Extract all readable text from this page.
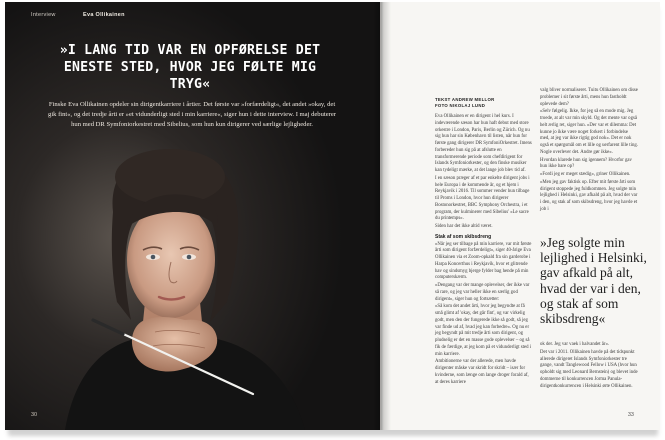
Interview	Eva Ollikainen
»I LANG TID VAR EN OPFØRELSE DET ENESTE STED, HVOR JEG FØLTE MIG TRYG«

Finske Eva Ollikainen opdeler sin dirigentkarriere i årtier. Det første var »forfærdeligt«, det andet »okay, det gik fint«, og det tredje årti er »et vidunderligt sted i min karriere«, siger hun i dette interview. I maj debuterer hun med DR Symfoniorkestret med Sibelius, som hun kun dirigerer ved særlige lejligheder.

30
TEKST ANDREW MELLOR
FOTO NIKOLAJ LUND

Eva Ollikainen er en dirigent i hel kurs. I indeværende sæson har hun haft debut med store orkestre i London, Paris, Berlin og Zürich. Og nu sig hun har sin København til listen, når hun for første gang dirigerer DR SymfoniOrkestret. Imens forbereder hun sig på at afslutte en transformerende periode som chefdirigent for Islands Symfoniorkester, og den finske musiker kan tydeligt mærke, at det lange job blev tid af.

I en sæson præger af et par enkelte dirigent jobs i hele Europa i de kommende år, og et hjem i Reykjavik i 2016. Til sommer vender hun tilbage til Proms i London, hvor hun dirigerer Bostonorkestret, BBC Symphony Orchestra, i et program, der kulminerer med Sibelius' »Le sacre du printemps«.

Siden har det ikke altid været.

Stak af som skibsdreng

»Når jeg ser tilbage på min karriere, var mit første årti som dirigent forfærdeligt«, siger 40-årige Eva Ollikainen via et Zoom-opkald fra sin garderobe i Harpa Koncerthus i Reykjavík, hvor et glitrende hav og sindsmyg bjerge fylder bag hende på min computerskærm.

»Dengang var der mange oplevelser, der ikke var så rare, og jeg var heller ikke en særlig god dirigent«, siger hun og fortsætter:

»Så kom det andet årti, hvor jeg begyndte at få små glimt af 'okay, det går fint', og var virkelig godt, men den der fungerede ikke så godt, så jeg var finde ud af, hvad jeg kan forbedre«. Og nu er jeg begyndt på mit tredje årti som dirigent, og pludselig er det en masse gode oplevelser – og så fik de færdige, at jeg kom på et vidunderligt sted i min karriere.

Ambitionerne var der allerede, men havde dirigenter måske var skridt for skridt – især for kvinderne, som længe om lange droger forald af, at deres karriere

valg bliver normaliseret. Tuitu Ollikainen om disse problemer i sit første årti, mens hun fastholdt oplevede dem?

»Selv følgelig. Ikke, for jeg så en mode mig. Jeg troede, at alt var min skyld. Og det mente var også helt ærlig ret, siger hun. »Der var et dilemma: Det kunne jo ikke være noget forkert i forbindelse med, at jeg var ikke rigtig god nok«. Det er nok også et spørgsmål om et lille og uerfarent lille ting. Nogle overlever det. Andre gør ikke«.

Hvordan klarede hun sig igennem? Hvorfor gav hun ikke bare op?

»Fordi jeg er meget stædig«, griner Ollikainen.

»Men jeg gav faktisk op. Efter mit første årti som dirigent stoppede jeg fuldkommen. Jeg solgte min lejlighed i Helsinki, gav afkald på alt, hvad der var i den, og stak af som skibsdreng, hvor jeg havde et job i

»Jeg solgte min lejlighed i Helsinki, gav afkald på alt, hvad der var i den, og stak af som skibsdreng«

ok der. Jeg var vaek i halvandet år«.

Det var i 2011. Ollikainen havde på det tidspunkt allerede dirigeret Islands Symfoniorkester tre gange, vandt Tanglewood Fellow i USA (hvor hun opholdt sig med Leonard Bernstein) og blevet inde dommerne til konkurrencen Jorma Panula-dirigentkonkurrencen i Helsinki ørte Ollikainen.

33
